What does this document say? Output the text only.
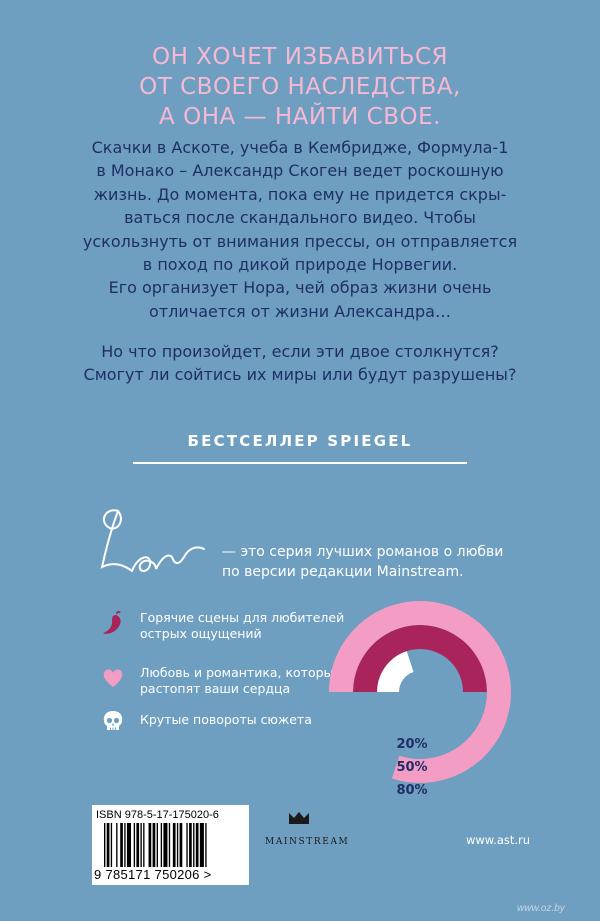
ОН ХОЧЕТ ИЗБАВИТЬСЯ
ОТ СВОЕГО НАСЛЕДСТВА,
А ОНА — НАЙТИ СВОЕ.
Скачки в Аскоте, учеба в Кембридже, Формула-1
в Монако – Александр Скоген ведет роскошную
жизнь. До момента, пока ему не придется скры-
ваться после скандального видео. Чтобы
ускользнуть от внимания прессы, он отправляется
в поход по дикой природе Норвегии.
Его организует Нора, чей образ жизни очень
отличается от жизни Александра…
Но что произойдет, если эти двое столкнутся?
Смогут ли сойтись их миры или будут разрушены?
БЕСТСЕЛЛЕР SPIEGEL
— это серия лучших романов о любви
по версии редакции Mainstream.
Горячие сцены для любителей
острых ощущений
Любовь и романтика, которые
растопят ваши сердца
Крутые повороты сюжета
20%
50%
80%
ISBN 978-5-17-175020-6
9 785171 750206 >
MAINSTREAM	www.ast.ru
www.oz.by
